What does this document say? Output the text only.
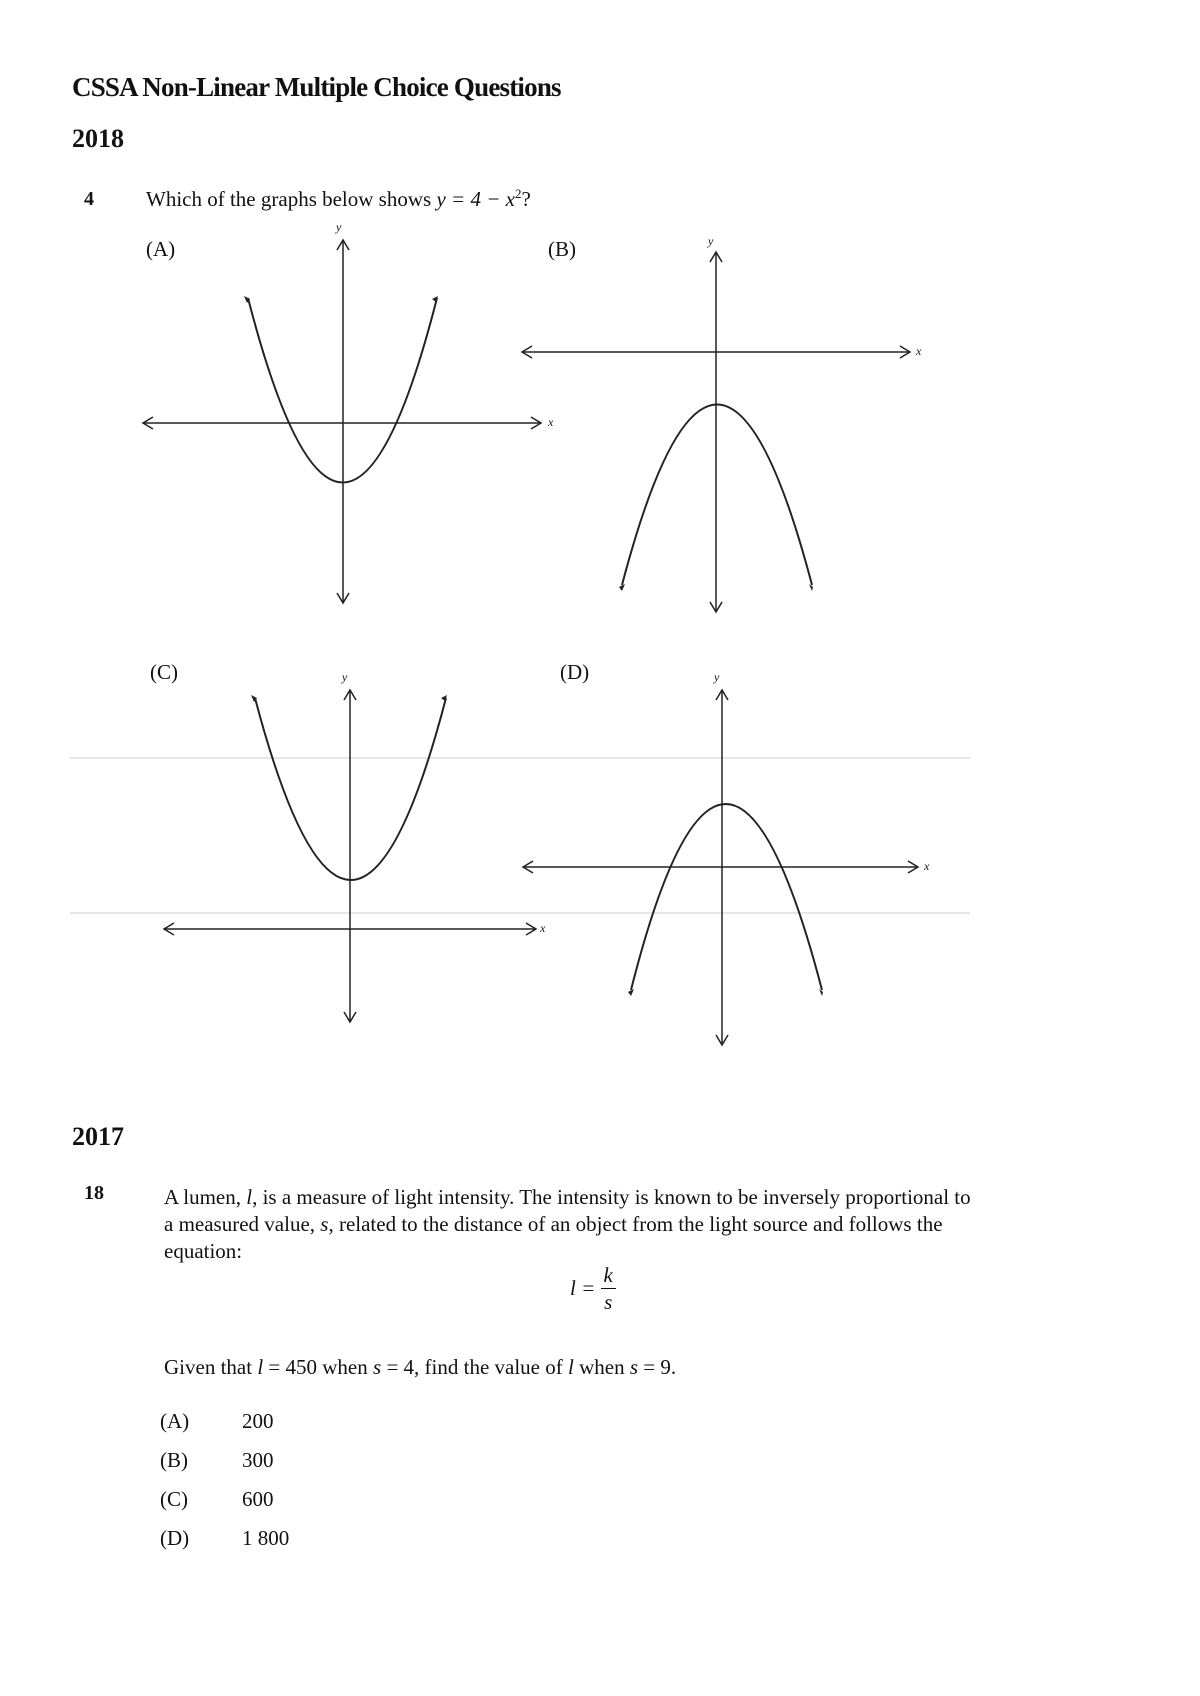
CSSA Non-Linear Multiple Choice Questions
2018
4 Which of the graphs below shows $y = 4 - x^2$?
(A)	(B)
(C)	(D)
y
x
y
x
y
x
y
x
2017
18	A lumen, l, is a measure of light intensity. The intensity is known to be inversely proportional to a measured value, s, related to the distance of an object from the light source and follows the equation:
$l = \frac{k}{s}$
Given that l = 450 when s = 4, find the value of l when s = 9.
(A)	200
(B)	300
(C)	600
(D)	1 800
